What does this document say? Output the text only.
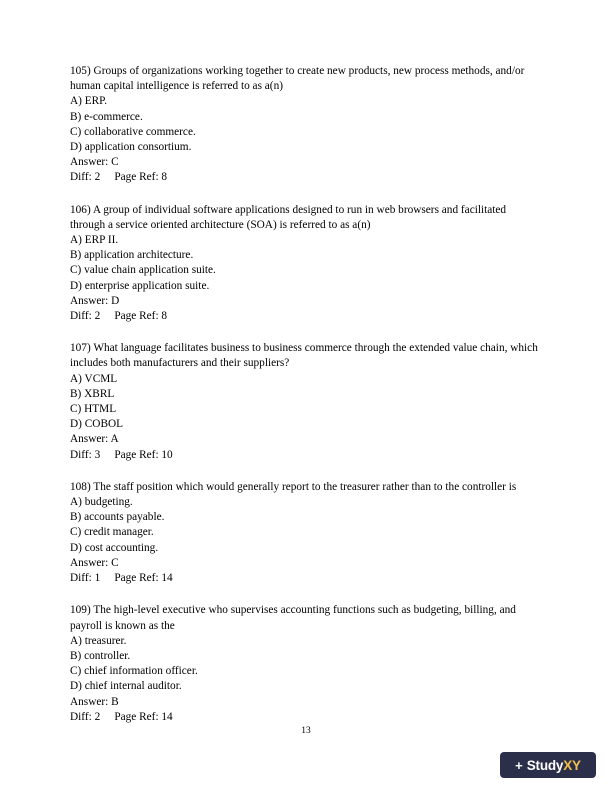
105) Groups of organizations working together to create new products, new process methods, and/or human capital intelligence is referred to as a(n)
A) ERP.
B) e-commerce.
C) collaborative commerce.
D) application consortium.
Answer: C
Diff: 2     Page Ref: 8
106) A group of individual software applications designed to run in web browsers and facilitated through a service oriented architecture (SOA) is referred to as a(n)
A) ERP II.
B) application architecture.
C) value chain application suite.
D) enterprise application suite.
Answer: D
Diff: 2     Page Ref: 8
107) What language facilitates business to business commerce through the extended value chain, which includes both manufacturers and their suppliers?
A) VCML
B) XBRL
C) HTML
D) COBOL
Answer: A
Diff: 3     Page Ref: 10
108) The staff position which would generally report to the treasurer rather than to the controller is
A) budgeting.
B) accounts payable.
C) credit manager.
D) cost accounting.
Answer: C
Diff: 1     Page Ref: 14
109) The high-level executive who supervises accounting functions such as budgeting, billing, and payroll is known as the
A) treasurer.
B) controller.
C) chief information officer.
D) chief internal auditor.
Answer: B
Diff: 2     Page Ref: 14
13
+ StudyXY
